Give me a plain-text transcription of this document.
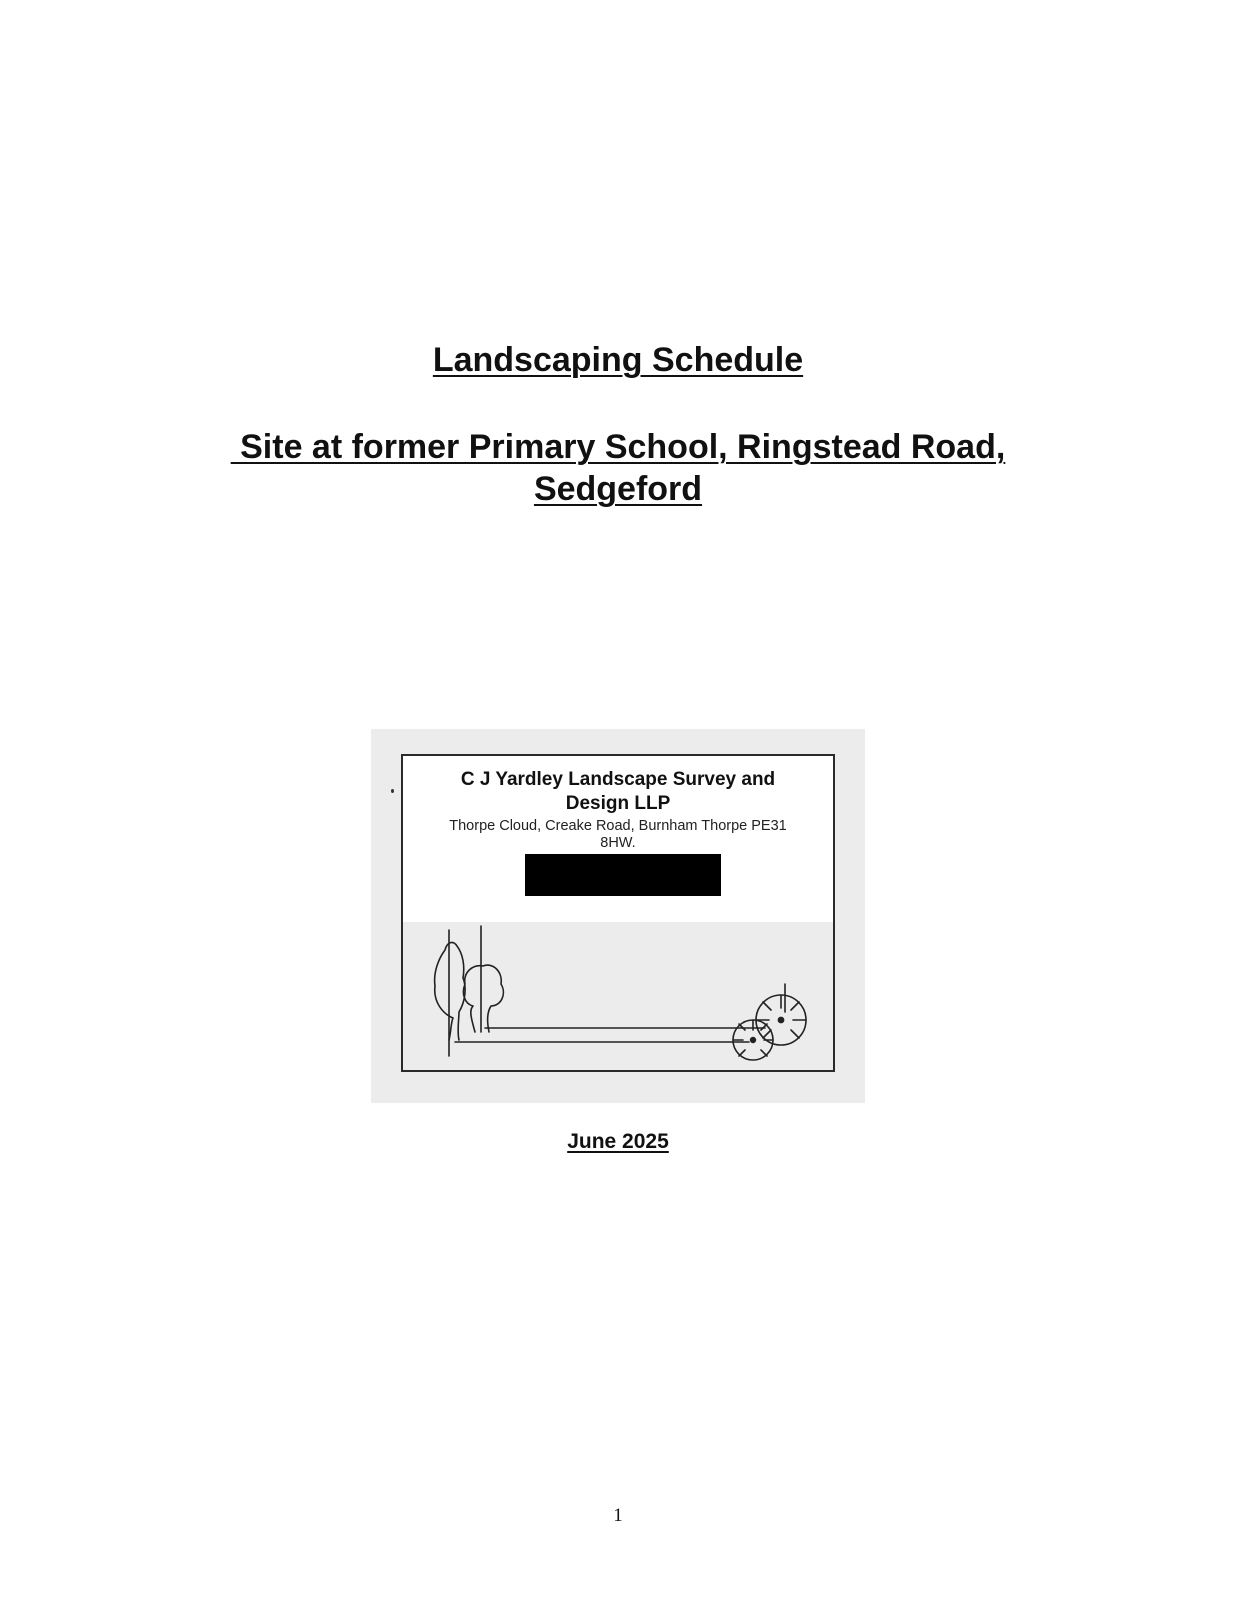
Landscaping Schedule
Site at former Primary School, Ringstead Road,
Sedgeford
C J Yardley Landscape Survey and
Design LLP
Thorpe Cloud, Creake Road, Burnham Thorpe PE31
8HW.
June 2025
1
